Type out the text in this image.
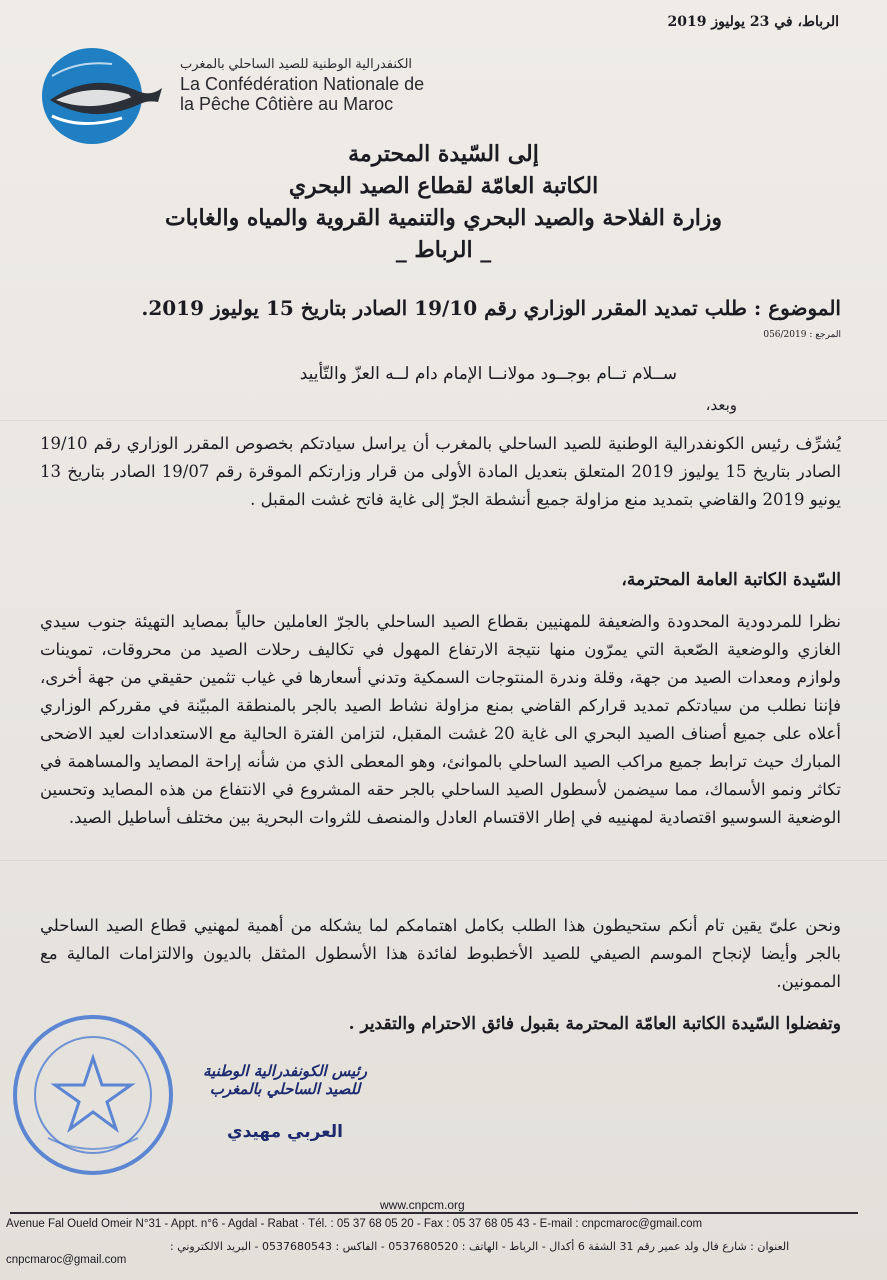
الرباط، في 23 يوليوز 2019
الكنفدرالية الوطنية للصيد الساحلي بالمغرب
La Confédération Nationale de
la Pêche Côtière au Maroc
إلى السّيدة المحترمة
الكاتبة العامّة لقطاع الصيد البحري
وزارة الفلاحة والصيد البحري والتنمية القروية والمياه والغابات
_ الرباط _
الموضوع : طلب تمديد المقرر الوزاري رقم 19/10 الصادر بتاريخ 15 يوليوز 2019.
المرجع : 056/2019
ســلام تــام بوجــود مولانــا الإمام دام لــه العزّ والتّأييد
وبعد،
يُشرِّف رئيس الكونفدرالية الوطنية للصيد الساحلي بالمغرب أن يراسل سيادتكم بخصوص المقرر الوزاري رقم 19/10 الصادر بتاريخ 15 يوليوز 2019 المتعلق بتعديل المادة الأولى من قرار وزارتكم الموقرة رقم 19/07 الصادر بتاريخ 13 يونيو 2019 والقاضي بتمديد منع مزاولة جميع أنشطة الجرّ إلى غاية فاتح غشت المقبل .
السّيدة الكاتبة العامة المحترمة،
نظرا للمردودية المحدودة والضعيفة للمهنيين بقطاع الصيد الساحلي بالجرّ العاملين حالياً بمصايد التهيئة جنوب سيدي الغازي والوضعية الصّعبة التي يمرّون منها نتيجة الارتفاع المهول في تكاليف رحلات الصيد من محروقات، تموينات ولوازم ومعدات الصيد من جهة، وقلة وندرة المنتوجات السمكية وتدني أسعارها في غياب تثمين حقيقي من جهة أخرى، فإننا نطلب من سيادتكم تمديد قراركم القاضي بمنع مزاولة نشاط الصيد بالجر بالمنطقة المبيّنة في مقرركم الوزاري أعلاه على جميع أصناف الصيد البحري الى غاية 20 غشت المقبل، لتزامن الفترة الحالية مع الاستعدادات لعيد الاضحى المبارك حيث ترابط جميع مراكب الصيد الساحلي بالموانئ، وهو المعطى الذي من شأنه إراحة المصايد والمساهمة في تكاثر ونمو الأسماك، مما سيضمن لأسطول الصيد الساحلي بالجر حقه المشروع في الانتفاع من هذه المصايد وتحسين الوضعية السوسيو اقتصادية لمهنييه في إطار الاقتسام العادل والمنصف للثروات البحرية بين مختلف أساطيل الصيد.
ونحن علىّ يقين تام أنكم ستحيطون هذا الطلب بكامل اهتمامكم لما يشكله من أهمية لمهنيي قطاع الصيد الساحلي بالجر وأيضا لإنجاح الموسم الصيفي للصيد الأخطبوط لفائدة هذا الأسطول المثقل بالديون والالتزامات المالية مع الممونين.
وتفضلوا السّيدة الكاتبة العامّة المحترمة بقبول فائق الاحترام والتقدير .
رئيس الكونفدرالية الوطنية
للصيد الساحلي بالمغرب
العربي مهيدي
www.cnpcm.org
Avenue Fal Oueld Omeir N°31 - Appt. n°6 - Agdal - Rabat · Tél. : 05 37 68 05 20 - Fax : 05 37 68 05 43 - E-mail : cnpcmaroc@gmail.com
العنوان : شارع فال ولد عمير رقم 31 الشقة 6 أكدال - الرباط - الهاتف : 0537680520 - الفاكس : 0537680543 - البريد الالكتروني :
cnpcmaroc@gmail.com
